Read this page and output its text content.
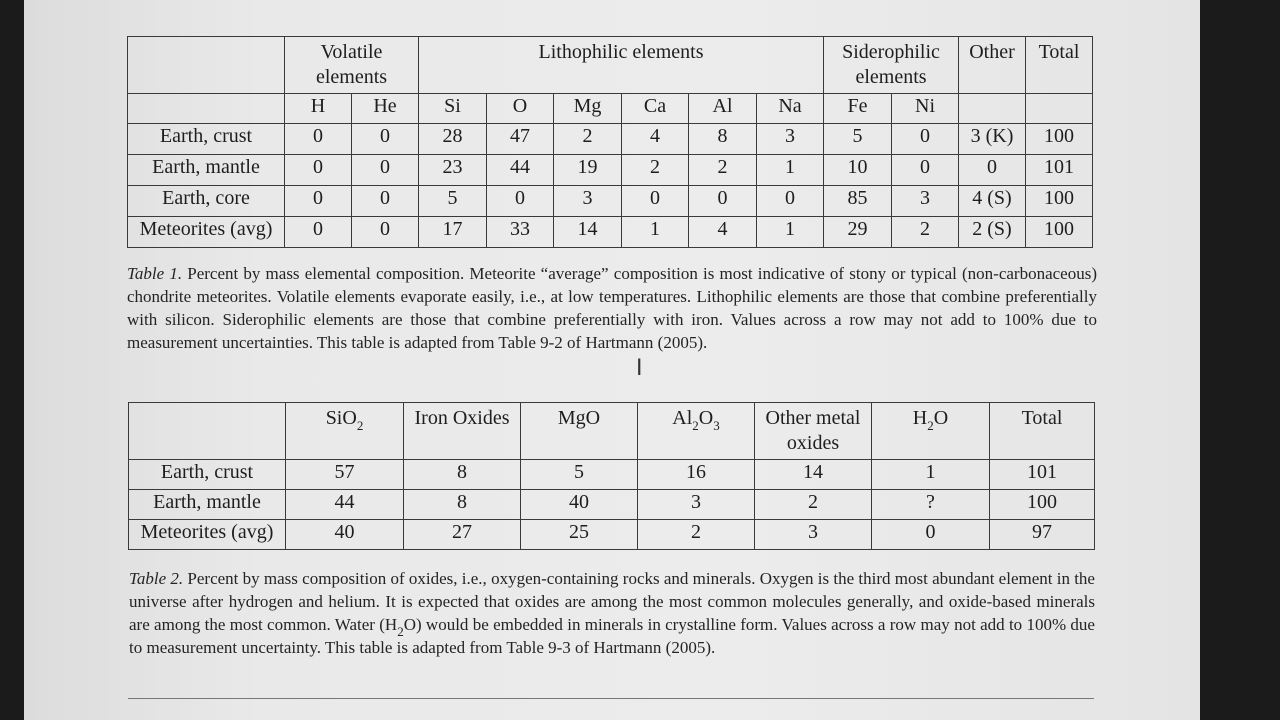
	Volatile elements		Lithophilic elements						Siderophilic elements		Other	Total
	H	He	Si	O	Mg	Ca	Al	Na	Fe	Ni		
Earth, crust	0	0	28	47	2	4	8	3	5	0	3 (K)	100
Earth, mantle	0	0	23	44	19	2	2	1	10	0	0	101
Earth, core	0	0	5	0	3	0	0	0	85	3	4 (S)	100
Meteorites (avg)	0	0	17	33	14	1	4	1	29	2	2 (S)	100
Table 1. Percent by mass elemental composition. Meteorite “average” composition is most indicative of stony or typical (non-carbonaceous) chondrite meteorites. Volatile elements evaporate easily, i.e., at low temperatures. Lithophilic elements are those that combine preferentially with silicon. Siderophilic elements are those that combine preferentially with iron. Values across a row may not add to 100% due to measurement uncertainties. This table is adapted from Table 9-2 of Hartmann (2005).
I
	SiO$_2$	Iron Oxides	MgO	$Al_2O_3$	Other metal oxides	$H_2O$	Total
Earth, crust	57	8	5	16	14	1	101
Earth, mantle	44	8	40	3	2	?	100
Meteorites (avg)	40	27	25	2	3	0	97
Table 2. Percent by mass composition of oxides, i.e., oxygen-containing rocks and minerals. Oxygen is the third most abundant element in the universe after hydrogen and helium. It is expected that oxides are among the most common molecules generally, and oxide-based minerals are among the most common. Water $(H_2O)$ would be embedded in minerals in crystalline form. Values across a row may not add to 100% due to measurement uncertainty. This table is adapted from Table 9-3 of Hartmann (2005).
